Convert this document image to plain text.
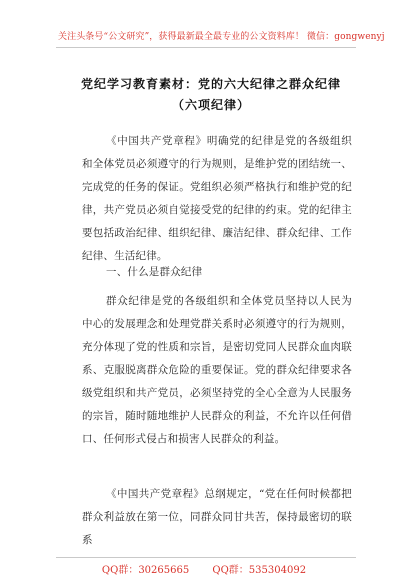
关注头条号“公文研究”，获得最新最全最专业的公文资料库！ 微信：gongwenyj
党纪学习教育素材：党的六大纪律之群众纪律（六项纪律）
《中国共产党章程》明确党的纪律是党的各级组织和全体党员必须遵守的行为规则，是维护党的团结统一、完成党的任务的保证。党组织必须严格执行和维护党的纪律，共产党员必须自觉接受党的纪律的约束。党的纪律主要包括政治纪律、组织纪律、廉洁纪律、群众纪律、工作纪律、生活纪律。
一、什么是群众纪律
群众纪律是党的各级组织和全体党员坚持以人民为中心的发展理念和处理党群关系时必须遵守的行为规则，充分体现了党的性质和宗旨，是密切党同人民群众血肉联系、克服脱离群众危险的重要保证。党的群众纪律要求各级党组织和共产党员，必须坚持党的全心全意为人民服务的宗旨，随时随地维护人民群众的利益，不允许以任何借口、任何形式侵占和损害人民群众的利益。
《中国共产党章程》总纲规定，“党在任何时候都把群众利益放在第一位，同群众同甘共苦，保持最密切的联系
QQ群：30265665 QQ群：535304092
